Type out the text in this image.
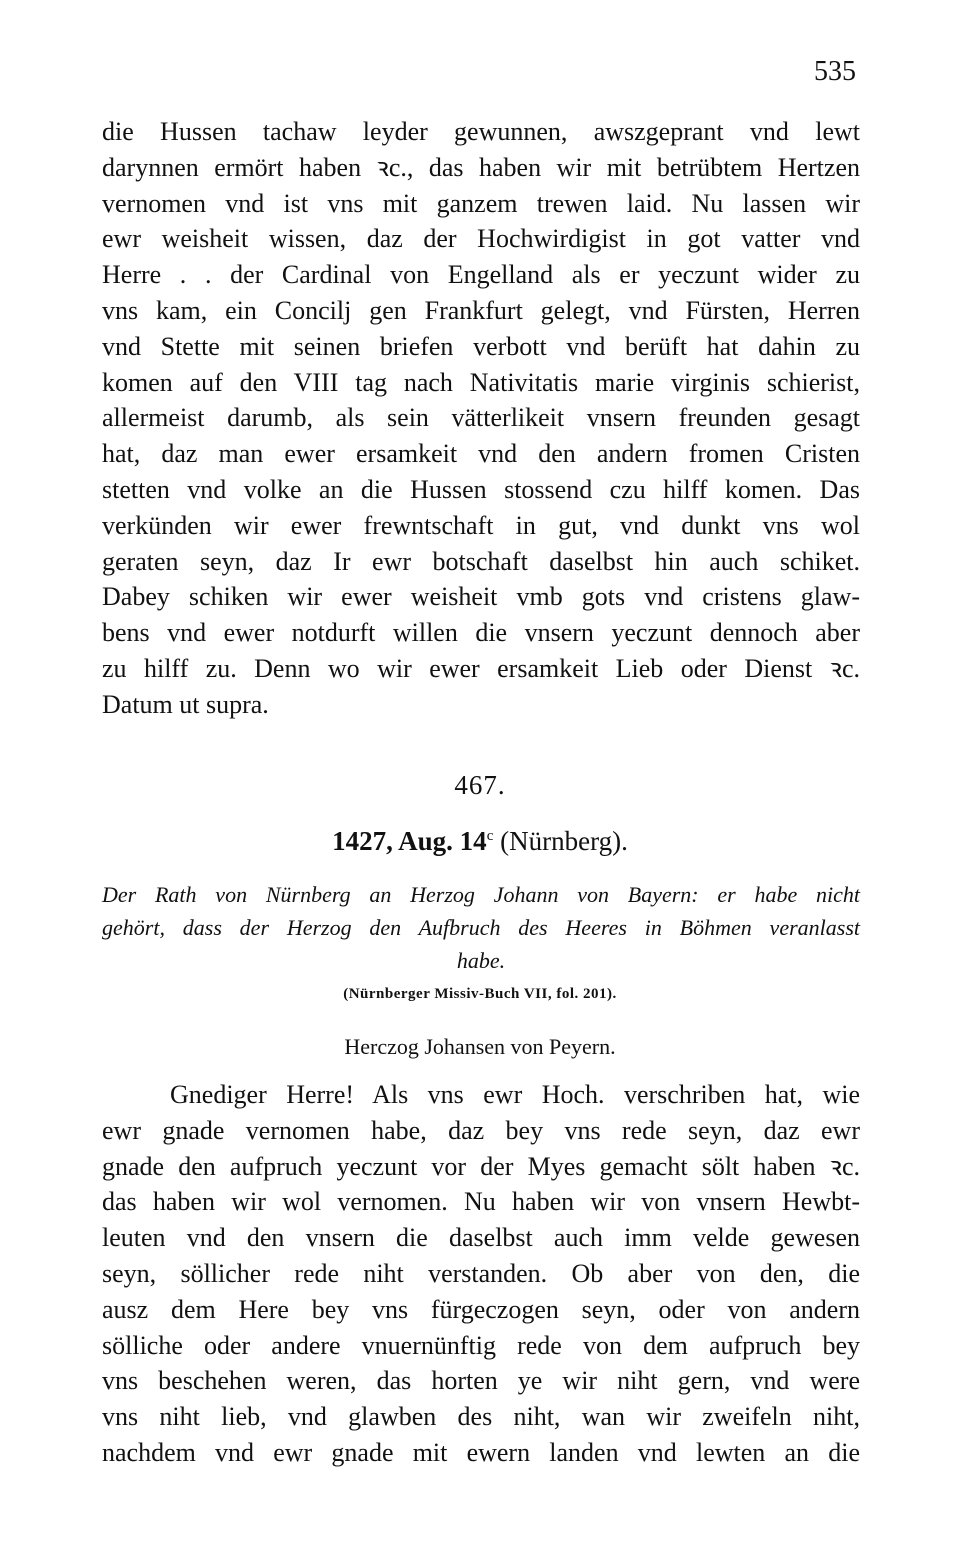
535
die Hussen tachaw leyder gewunnen, awszgeprant vnd lewt
darynnen ermört haben ꝛc., das haben wir mit betrübtem Hertzen
vernomen vnd ist vns mit ganzem trewen laid. Nu lassen wir
ewr weisheit wissen, daz der Hochwirdigist in got vatter vnd
Herre . . der Cardinal von Engelland als er yeczunt wider zu
vns kam, ein Concilj gen Frankfurt gelegt, vnd Fürsten, Herren
vnd Stette mit seinen briefen verbott vnd berüft hat dahin zu
komen auf den VIII tag nach Nativitatis marie virginis schierist,
allermeist darumb, als sein vätterlikeit vnsern freunden gesagt
hat, daz man ewer ersamkeit vnd den andern fromen Cristen
stetten vnd volke an die Hussen stossend czu hilff komen. Das
verkünden wir ewer frewntschaft in gut, vnd dunkt vns wol
geraten seyn, daz Ir ewr botschaft daselbst hin auch schiket.
Dabey schiken wir ewer weisheit vmb gots vnd cristens glaw-
bens vnd ewer notdurft willen die vnsern yeczunt dennoch aber
zu hilff zu. Denn wo wir ewer ersamkeit Lieb oder Dienst ꝛc.
Datum ut supra.
467.
1427, Aug. 14$^c$ (Nürnberg).
Der Rath von Nürnberg an Herzog Johann von Bayern: er habe nicht
gehört, dass der Herzog den Aufbruch des Heeres in Böhmen veranlasst
habe.
(Nürnberger Missiv-Buch VII, fol. 201).
Herczog Johansen von Peyern.
Gnediger Herre! Als vns ewr Hoch. verschriben hat, wie
ewr gnade vernomen habe, daz bey vns rede seyn, daz ewr
gnade den aufpruch yeczunt vor der Myes gemacht sölt haben ꝛc.
das haben wir wol vernomen. Nu haben wir von vnsern Hewbt-
leuten vnd den vnsern die daselbst auch imm velde gewesen
seyn, söllicher rede niht verstanden. Ob aber von den, die
ausz dem Here bey vns fürgeczogen seyn, oder von andern
sölliche oder andere vnuernünftig rede von dem aufpruch bey
vns beschehen weren, das horten ye wir niht gern, vnd were
vns niht lieb, vnd glawben des niht, wan wir zweifeln niht,
nachdem vnd ewr gnade mit ewern landen vnd lewten an die
